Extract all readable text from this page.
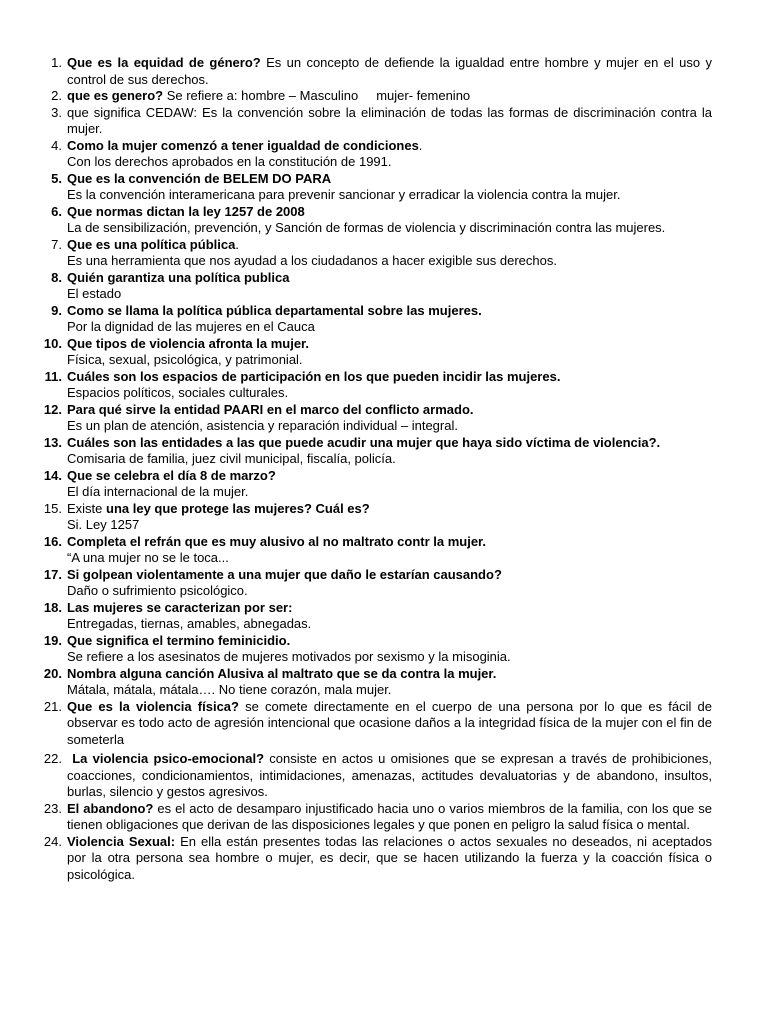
1. Que es la equidad de género? Es un concepto de defiende la igualdad entre hombre y mujer en el uso y control de sus derechos.
2. que es genero? Se refiere a: hombre – Masculino     mujer- femenino
3. que significa CEDAW: Es la convención sobre la eliminación de todas las formas de discriminación contra la mujer.
4. Como la mujer comenzó a tener igualdad de condiciones.
Con los derechos aprobados en la constitución de 1991.
5. Que es la convención de BELEM DO PARA
Es la convención interamericana para prevenir sancionar y erradicar la violencia contra la mujer.
6. Que normas dictan la ley 1257 de 2008
La de sensibilización, prevención, y Sanción de formas de violencia y discriminación contra las mujeres.
7. Que es una política pública.
Es una herramienta que nos ayudad a los ciudadanos a hacer exigible sus derechos.
8. Quién garantiza una política publica
El estado
9. Como se llama la política pública departamental sobre las mujeres.
Por la dignidad de las mujeres en el Cauca
10. Que tipos de violencia afronta la mujer.
Física, sexual, psicológica, y patrimonial.
11. Cuáles son los espacios de participación en los que pueden incidir las mujeres.
Espacios políticos, sociales culturales.
12. Para qué sirve la entidad PAARI en el marco del conflicto armado.
Es un plan de atención, asistencia y reparación individual – integral.
13. Cuáles son las entidades a las que puede acudir una mujer que haya sido víctima de violencia?.
Comisaria de familia, juez civil municipal, fiscalía, policía.
14. Que se celebra el día 8 de marzo?
El día internacional de la mujer.
15. Existe una ley que protege las mujeres? Cuál es?
Si. Ley 1257
16. Completa el refrán que es muy alusivo al no maltrato contr la mujer.
“A una mujer no se le toca...
17. Si golpean violentamente a una mujer que daño le estarían causando?
Daño o sufrimiento psicológico.
18. Las mujeres se caracterizan por ser:
Entregadas, tiernas, amables, abnegadas.
19. Que significa el termino feminicidio.
Se refiere a los asesinatos de mujeres motivados por sexismo y la misoginia.
20. Nombra alguna canción Alusiva al maltrato que se da contra la mujer.
Mátala, mátala, mátala…. No tiene corazón, mala mujer.
21. Que es la violencia física? se comete directamente en el cuerpo de una persona por lo que es fácil de observar es todo acto de agresión intencional que ocasione daños a la integridad física de la mujer con el fin de someterla
22. La violencia psico-emocional? consiste en actos u omisiones que se expresan a través de prohibiciones, coacciones, condicionamientos, intimidaciones, amenazas, actitudes devaluatorias y de abandono, insultos, burlas, silencio y gestos agresivos.
23. El abandono? es el acto de desamparo injustificado hacia uno o varios miembros de la familia, con los que se tienen obligaciones que derivan de las disposiciones legales y que ponen en peligro la salud física o mental.
24. Violencia Sexual: En ella están presentes todas las relaciones o actos sexuales no deseados, ni aceptados por la otra persona sea hombre o mujer, es decir, que se hacen utilizando la fuerza y la coacción física o psicológica.
